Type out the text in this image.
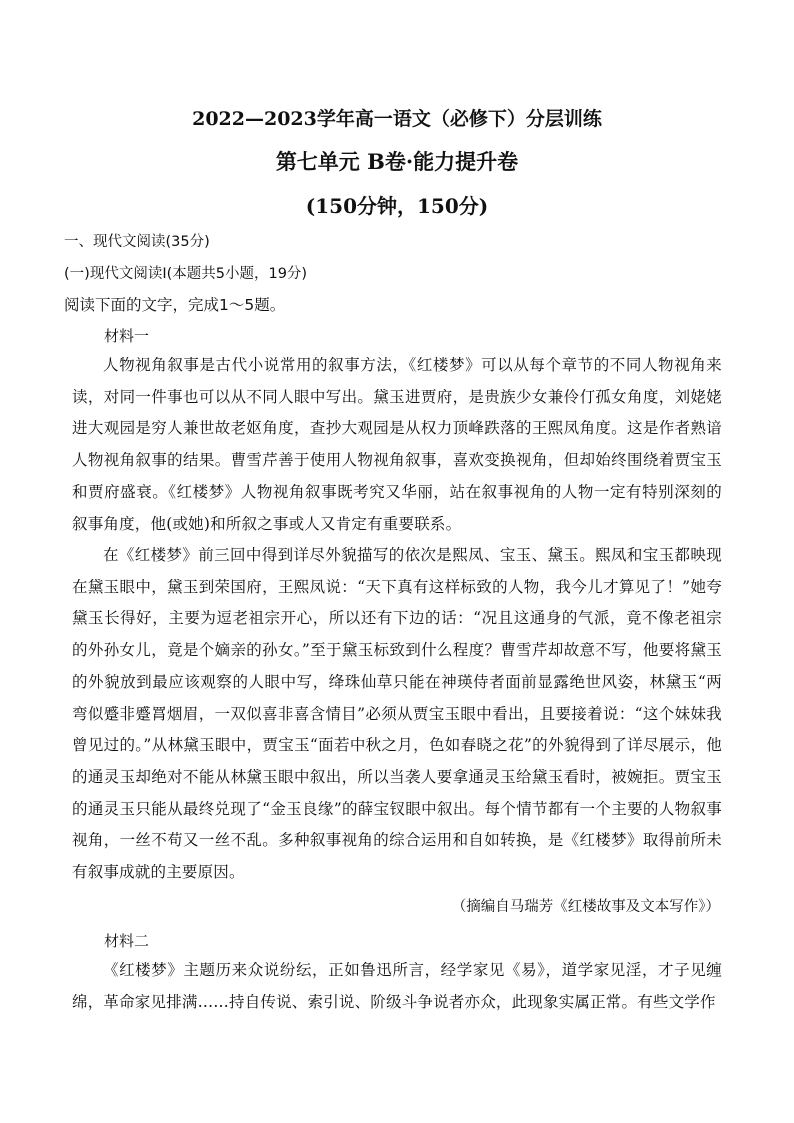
2022—2023学年高一语文（必修下）分层训练
第七单元 B卷·能力提升卷
(150分钟，150分)
一、现代文阅读(35分)
(一)现代文阅读Ⅰ(本题共5小题，19分)
阅读下面的文字，完成1～5题。
材料一
人物视角叙事是古代小说常用的叙事方法，《红楼梦》可以从每个章节的不同人物视角来读，对同一件事也可以从不同人眼中写出。黛玉进贾府，是贵族少女兼伶仃孤女角度，刘姥姥进大观园是穷人兼世故老妪角度，查抄大观园是从权力顶峰跌落的王熙凤角度。这是作者熟谙人物视角叙事的结果。曹雪芹善于使用人物视角叙事，喜欢变换视角，但却始终围绕着贾宝玉和贾府盛衰。《红楼梦》人物视角叙事既考究又华丽，站在叙事视角的人物一定有特别深刻的叙事角度，他(或她)和所叙之事或人又肯定有重要联系。
在《红楼梦》前三回中得到详尽外貌描写的依次是熙凤、宝玉、黛玉。熙凤和宝玉都映现在黛玉眼中，黛玉到荣国府，王熙凤说：“天下真有这样标致的人物，我今儿才算见了！”她夸黛玉长得好，主要为逗老祖宗开心，所以还有下边的话：“况且这通身的气派，竟不像老祖宗的外孙女儿，竟是个嫡亲的孙女。”至于黛玉标致到什么程度？曹雪芹却故意不写，他要将黛玉的外貌放到最应该观察的人眼中写，绛珠仙草只能在神瑛侍者面前显露绝世风姿，林黛玉“两弯似蹙非蹙罥烟眉，一双似喜非喜含情目”必须从贾宝玉眼中看出，且要接着说：“这个妹妹我曾见过的。”从林黛玉眼中，贾宝玉“面若中秋之月，色如春晓之花”的外貌得到了详尽展示，他的通灵玉却绝对不能从林黛玉眼中叙出，所以当袭人要拿通灵玉给黛玉看时，被婉拒。贾宝玉的通灵玉只能从最终兑现了“金玉良缘”的薛宝钗眼中叙出。每个情节都有一个主要的人物叙事视角，一丝不苟又一丝不乱。多种叙事视角的综合运用和自如转换，是《红楼梦》取得前所未有叙事成就的主要原因。
（摘编自马瑞芳《红楼故事及文本写作》）
材料二
《红楼梦》主题历来众说纷纭，正如鲁迅所言，经学家见《易》，道学家见淫，才子见缠绵，革命家见排满……持自传说、索引说、阶级斗争说者亦众，此现象实属正常。有些文学作
